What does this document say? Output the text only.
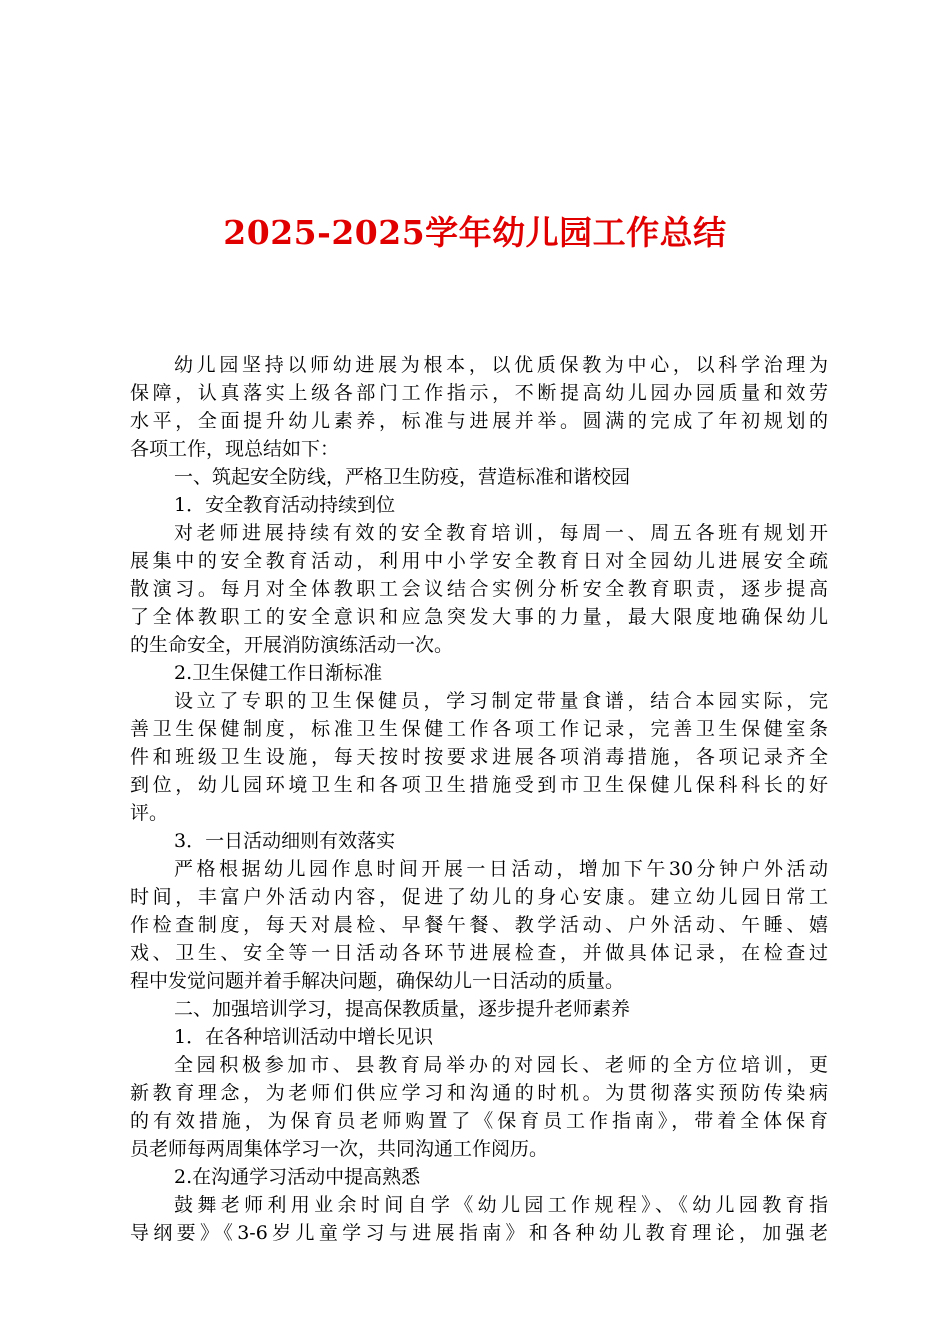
2025-2025学年幼儿园工作总结
幼儿园坚持以师幼进展为根本，以优质保教为中心，以科学治理为
保障，认真落实上级各部门工作指示，不断提高幼儿园办园质量和效劳
水平，全面提升幼儿素养，标准与进展并举。圆满的完成了年初规划的
各项工作，现总结如下：
一、筑起安全防线，严格卫生防疫，营造标准和谐校园
1．安全教育活动持续到位
对老师进展持续有效的安全教育培训，每周一、周五各班有规划开
展集中的安全教育活动，利用中小学安全教育日对全园幼儿进展安全疏
散演习。每月对全体教职工会议结合实例分析安全教育职责，逐步提高
了全体教职工的安全意识和应急突发大事的力量，最大限度地确保幼儿
的生命安全，开展消防演练活动一次。
2.卫生保健工作日渐标准
设立了专职的卫生保健员，学习制定带量食谱，结合本园实际，完
善卫生保健制度，标准卫生保健工作各项工作记录，完善卫生保健室条
件和班级卫生设施，每天按时按要求进展各项消毒措施，各项记录齐全
到位，幼儿园环境卫生和各项卫生措施受到市卫生保健儿保科科长的好
评。
3．一日活动细则有效落实
严格根据幼儿园作息时间开展一日活动，增加下午30分钟户外活动
时间，丰富户外活动内容，促进了幼儿的身心安康。建立幼儿园日常工
作检查制度，每天对晨检、早餐午餐、教学活动、户外活动、午睡、嬉
戏、卫生、安全等一日活动各环节进展检查，并做具体记录，在检查过
程中发觉问题并着手解决问题，确保幼儿一日活动的质量。
二、加强培训学习，提高保教质量，逐步提升老师素养
1．在各种培训活动中增长见识
全园积极参加市、县教育局举办的对园长、老师的全方位培训，更
新教育理念，为老师们供应学习和沟通的时机。为贯彻落实预防传染病
的有效措施，为保育员老师购置了《保育员工作指南》，带着全体保育
员老师每两周集体学习一次，共同沟通工作阅历。
2.在沟通学习活动中提高熟悉
鼓舞老师利用业余时间自学《幼儿园工作规程》、《幼儿园教育指
导纲要》《3-6岁儿童学习与进展指南》和各种幼儿教育理论，加强老
